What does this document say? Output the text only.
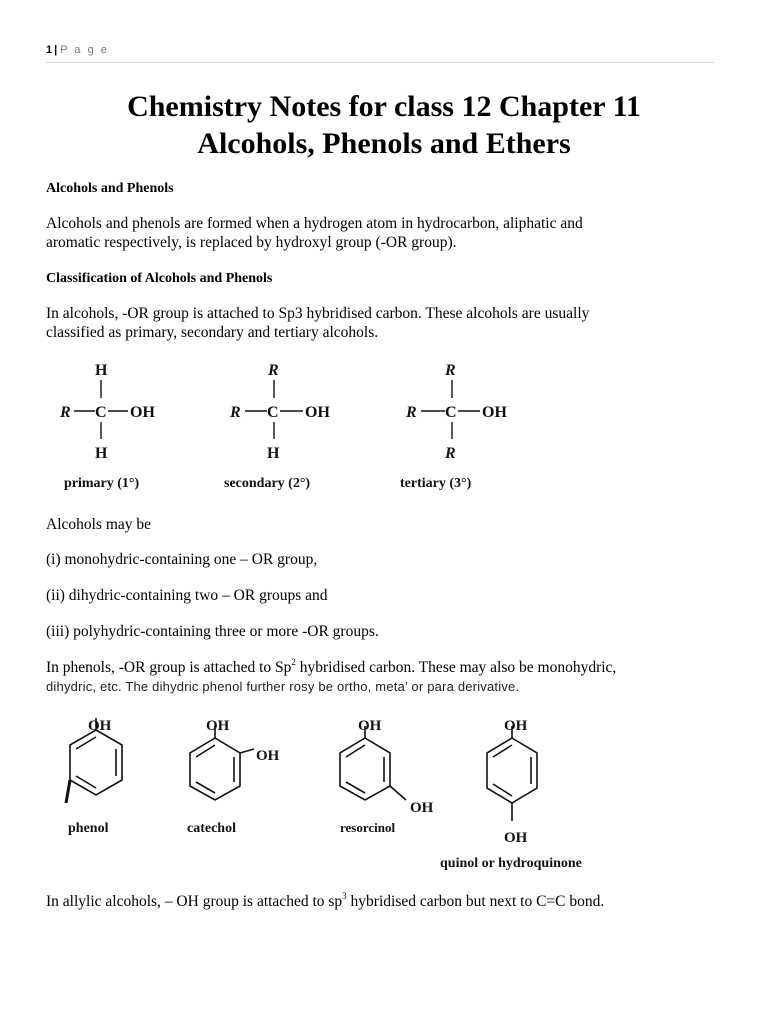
1 | P a g e
Chemistry Notes for class 12 Chapter 11
Alcohols, Phenols and Ethers
Alcohols and Phenols
Alcohols and phenols are formed when a hydrogen atom in hydrocarbon, aliphatic and
aromatic respectively, is replaced by hydroxyl group (-OR group).
Classification of Alcohols and Phenols
In alcohols, -OR group is attached to Sp3 hybridised carbon. These alcohols are usually
classified as primary, secondary and tertiary alcohols.
H
R C OH
H
primary (1°)
R
R C OH
H
secondary (2°)
R
R C OH
R
tertiary (3°)
Alcohols may be
(i) monohydric-containing one – OR group,
(ii) dihydric-containing two – OR groups and
(iii) polyhydric-containing three or more -OR groups.
In phenols, -OR group is attached to Sp$^2$ hybridised carbon. These may also be monohydric,
dihydric, etc. The dihydric phenol further rosy be ortho, meta’ or para derivative.
OH
phenol
OH
OH
catechol
OH
OH
resorcinol
OH
OH
quinol or hydroquinone
In allylic alcohols, – OH group is attached to $sp^3$ hybridised carbon but next to C=C bond.
